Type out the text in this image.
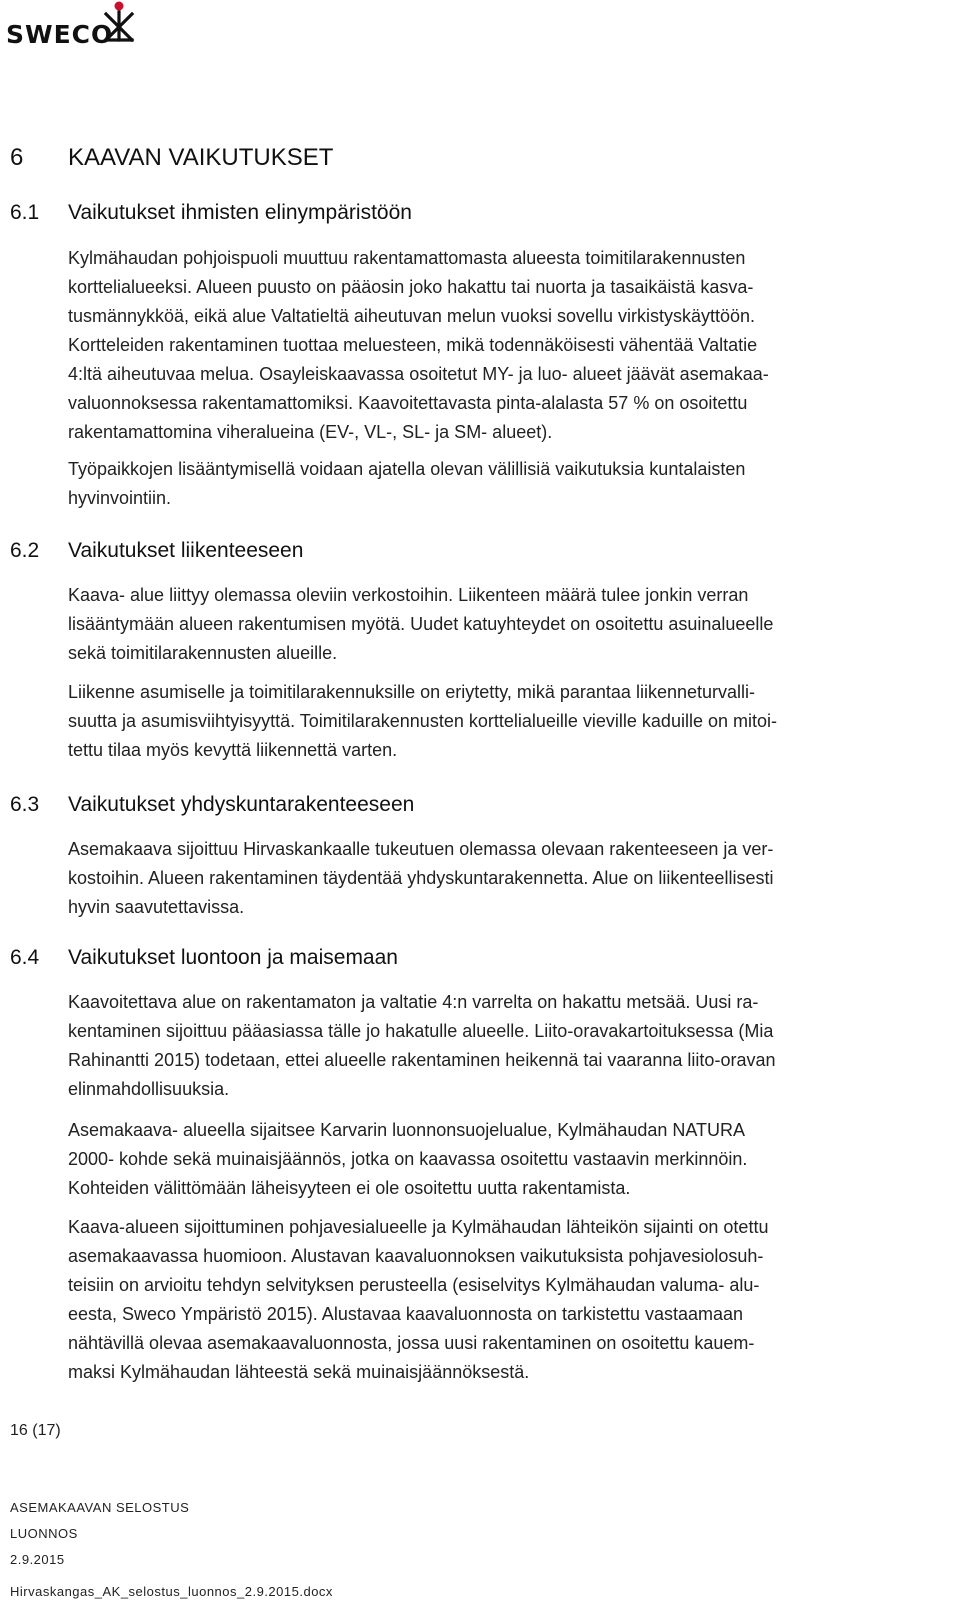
SWECO
6	KAAVAN VAIKUTUKSET
6.1	Vaikutukset ihmisten elinympäristöön
Kylmähaudan pohjoispuoli muuttuu rakentamattomasta alueesta toimitilarakennusten
korttelialueeksi. Alueen puusto on pääosin joko hakattu tai nuorta ja tasaikäistä kasva-
tusmännykköä, eikä alue Valtatieltä aiheutuvan melun vuoksi sovellu virkistyskäyttöön.
Kortteleiden rakentaminen tuottaa meluesteen, mikä todennäköisesti vähentää Valtatie
4:ltä aiheutuvaa melua. Osayleiskaavassa osoitetut MY- ja luo- alueet jäävät asemakaa-
valuonnoksessa rakentamattomiksi. Kaavoitettavasta pinta-alalasta 57 % on osoitettu
rakentamattomina viheralueina (EV-, VL-, SL- ja SM- alueet).
Työpaikkojen lisääntymisellä voidaan ajatella olevan välillisiä vaikutuksia kuntalaisten
hyvinvointiin.
6.2	Vaikutukset liikenteeseen
Kaava- alue liittyy olemassa oleviin verkostoihin. Liikenteen määrä tulee jonkin verran
lisääntymään alueen rakentumisen myötä. Uudet katuyhteydet on osoitettu asuinalueelle
sekä toimitilarakennusten alueille.
Liikenne asumiselle ja toimitilarakennuksille on eriytetty, mikä parantaa liikenneturvalli-
suutta ja asumisviihtyisyyttä. Toimitilarakennusten korttelialueille vieville kaduille on mitoi-
tettu tilaa myös kevyttä liikennettä varten.
6.3	Vaikutukset yhdyskuntarakenteeseen
Asemakaava sijoittuu Hirvaskankaalle tukeutuen olemassa olevaan rakenteeseen ja ver-
kostoihin. Alueen rakentaminen täydentää yhdyskuntarakennetta. Alue on liikenteellisesti
hyvin saavutettavissa.
6.4	Vaikutukset luontoon ja maisemaan
Kaavoitettava alue on rakentamaton ja valtatie 4:n varrelta on hakattu metsää. Uusi ra-
kentaminen sijoittuu pääasiassa tälle jo hakatulle alueelle. Liito-oravakartoituksessa (Mia
Rahinantti 2015) todetaan, ettei alueelle rakentaminen heikennä tai vaaranna liito-oravan
elinmahdollisuuksia.
Asemakaava- alueella sijaitsee Karvarin luonnonsuojelualue, Kylmähaudan NATURA
2000- kohde sekä muinaisjäännös, jotka on kaavassa osoitettu vastaavin merkinnöin.
Kohteiden välittömään läheisyyteen ei ole osoitettu uutta rakentamista.
Kaava-alueen sijoittuminen pohjavesialueelle ja Kylmähaudan lähteikön sijainti on otettu
asemakaavassa huomioon. Alustavan kaavaluonnoksen vaikutuksista pohjavesiolosuh-
teisiin on arvioitu tehdyn selvityksen perusteella (esiselvitys Kylmähaudan valuma- alu-
eesta, Sweco Ympäristö 2015). Alustavaa kaavaluonnosta on tarkistettu vastaamaan
nähtävillä olevaa asemakaavaluonnosta, jossa uusi rakentaminen on osoitettu kauem-
maksi Kylmähaudan lähteestä sekä muinaisjäännöksestä.
16 (17)
ASEMAKAAVAN SELOSTUS
LUONNOS
2.9.2015
Hirvaskangas_AK_selostus_luonnos_2.9.2015.docx
